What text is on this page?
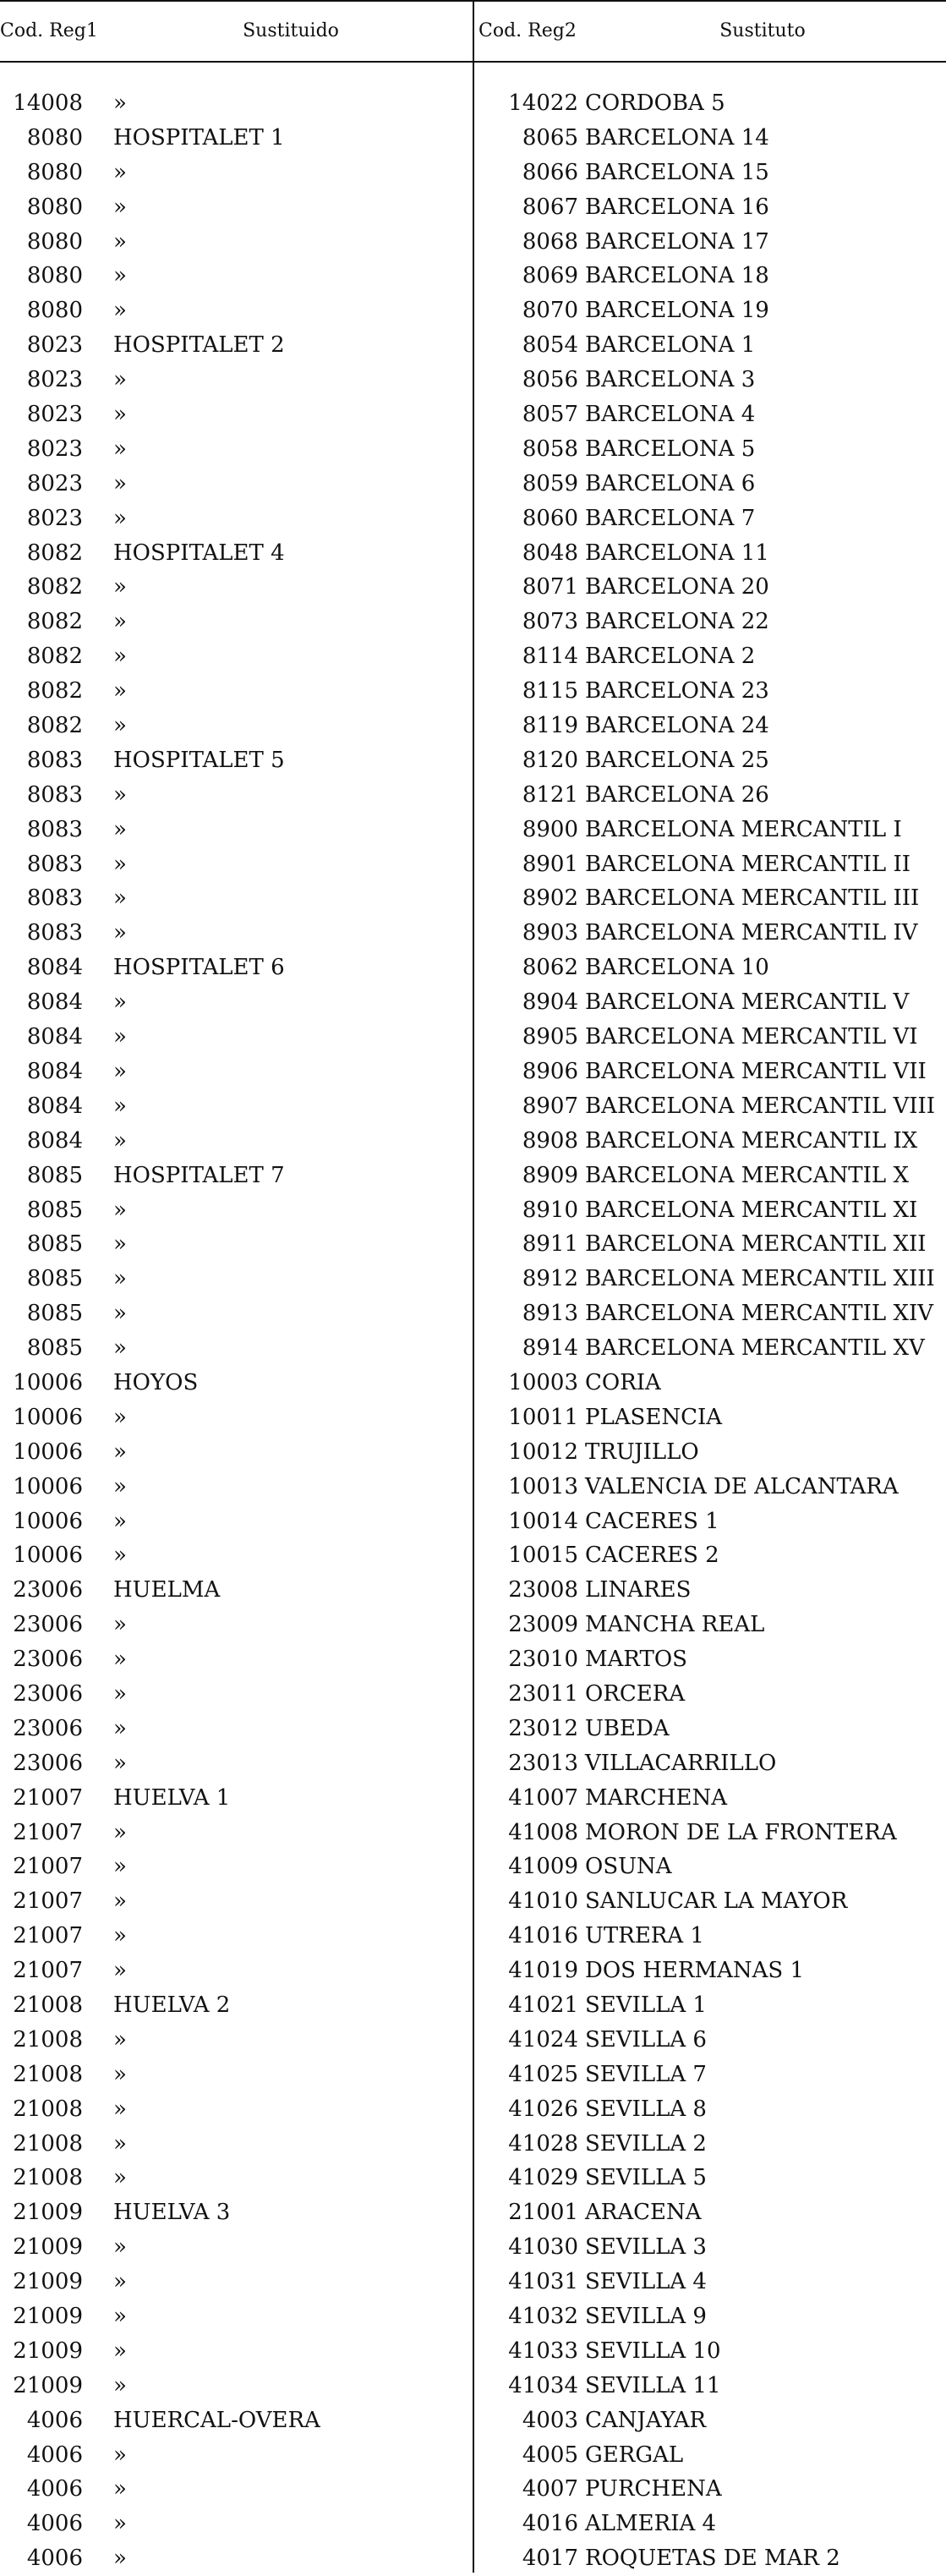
Cod. Reg1	Sustituido	Cod. Reg2	Sustituto
14008 »	14022 CORDOBA 5
8080 HOSPITALET 1	8065 BARCELONA 14
8080 »	8066 BARCELONA 15
8080 »	8067 BARCELONA 16
8080 »	8068 BARCELONA 17
8080 »	8069 BARCELONA 18
8080 »	8070 BARCELONA 19
8023 HOSPITALET 2	8054 BARCELONA 1
8023 »	8056 BARCELONA 3
8023 »	8057 BARCELONA 4
8023 »	8058 BARCELONA 5
8023 »	8059 BARCELONA 6
8023 »	8060 BARCELONA 7
8082 HOSPITALET 4	8048 BARCELONA 11
8082 »	8071 BARCELONA 20
8082 »	8073 BARCELONA 22
8082 »	8114 BARCELONA 2
8082 »	8115 BARCELONA 23
8082 »	8119 BARCELONA 24
8083 HOSPITALET 5	8120 BARCELONA 25
8083 »	8121 BARCELONA 26
8083 »	8900 BARCELONA MERCANTIL I
8083 »	8901 BARCELONA MERCANTIL II
8083 »	8902 BARCELONA MERCANTIL III
8083 »	8903 BARCELONA MERCANTIL IV
8084 HOSPITALET 6	8062 BARCELONA 10
8084 »	8904 BARCELONA MERCANTIL V
8084 »	8905 BARCELONA MERCANTIL VI
8084 »	8906 BARCELONA MERCANTIL VII
8084 »	8907 BARCELONA MERCANTIL VIII
8084 »	8908 BARCELONA MERCANTIL IX
8085 HOSPITALET 7	8909 BARCELONA MERCANTIL X
8085 »	8910 BARCELONA MERCANTIL XI
8085 »	8911 BARCELONA MERCANTIL XII
8085 »	8912 BARCELONA MERCANTIL XIII
8085 »	8913 BARCELONA MERCANTIL XIV
8085 »	8914 BARCELONA MERCANTIL XV
10006 HOYOS	10003 CORIA
10006 »	10011 PLASENCIA
10006 »	10012 TRUJILLO
10006 »	10013 VALENCIA DE ALCANTARA
10006 »	10014 CACERES 1
10006 »	10015 CACERES 2
23006 HUELMA	23008 LINARES
23006 »	23009 MANCHA REAL
23006 »	23010 MARTOS
23006 »	23011 ORCERA
23006 »	23012 UBEDA
23006 »	23013 VILLACARRILLO
21007 HUELVA 1	41007 MARCHENA
21007 »	41008 MORON DE LA FRONTERA
21007 »	41009 OSUNA
21007 »	41010 SANLUCAR LA MAYOR
21007 »	41016 UTRERA 1
21007 »	41019 DOS HERMANAS 1
21008 HUELVA 2	41021 SEVILLA 1
21008 »	41024 SEVILLA 6
21008 »	41025 SEVILLA 7
21008 »	41026 SEVILLA 8
21008 »	41028 SEVILLA 2
21008 »	41029 SEVILLA 5
21009 HUELVA 3	21001 ARACENA
21009 »	41030 SEVILLA 3
21009 »	41031 SEVILLA 4
21009 »	41032 SEVILLA 9
21009 »	41033 SEVILLA 10
21009 »	41034 SEVILLA 11
4006 HUERCAL-OVERA	4003 CANJAYAR
4006 »	4005 GERGAL
4006 »	4007 PURCHENA
4006 »	4016 ALMERIA 4
4006 »	4017 ROQUETAS DE MAR 2
